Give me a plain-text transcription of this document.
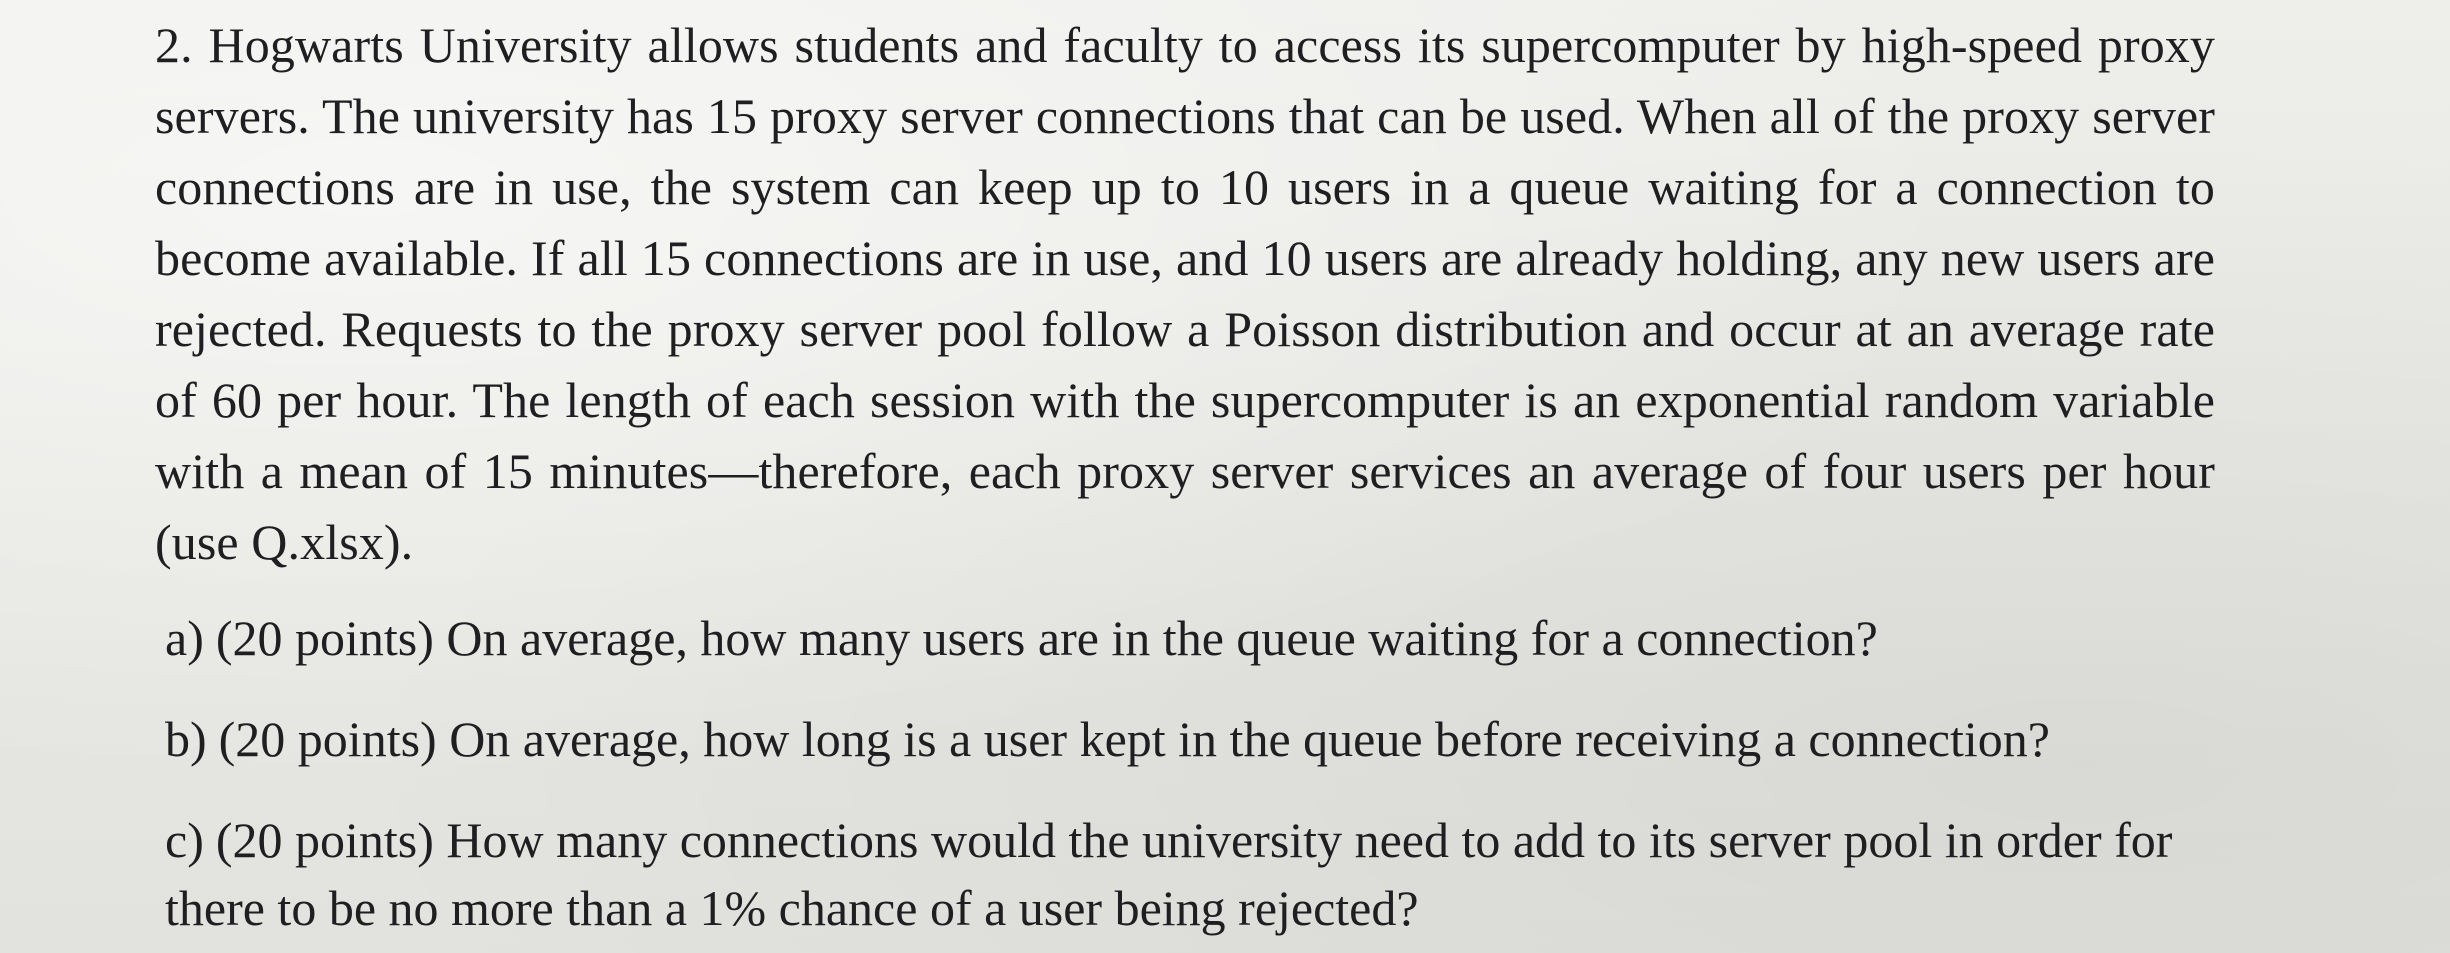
2. Hogwarts University allows students and faculty to access its supercomputer by high-speed proxy servers. The university has 15 proxy server connections that can be used. When all of the proxy server connections are in use, the system can keep up to 10 users in a queue waiting for a connection to become available. If all 15 connections are in use, and 10 users are already holding, any new users are rejected. Requests to the proxy server pool follow a Poisson distribution and occur at an average rate of 60 per hour. The length of each session with the supercomputer is an exponential random variable with a mean of 15 minutes—therefore, each proxy server services an average of four users per hour (use Q.xlsx).

a) (20 points) On average, how many users are in the queue waiting for a connection?

b) (20 points) On average, how long is a user kept in the queue before receiving a connection?

c) (20 points) How many connections would the university need to add to its server pool in order for there to be no more than a 1% chance of a user being rejected?
